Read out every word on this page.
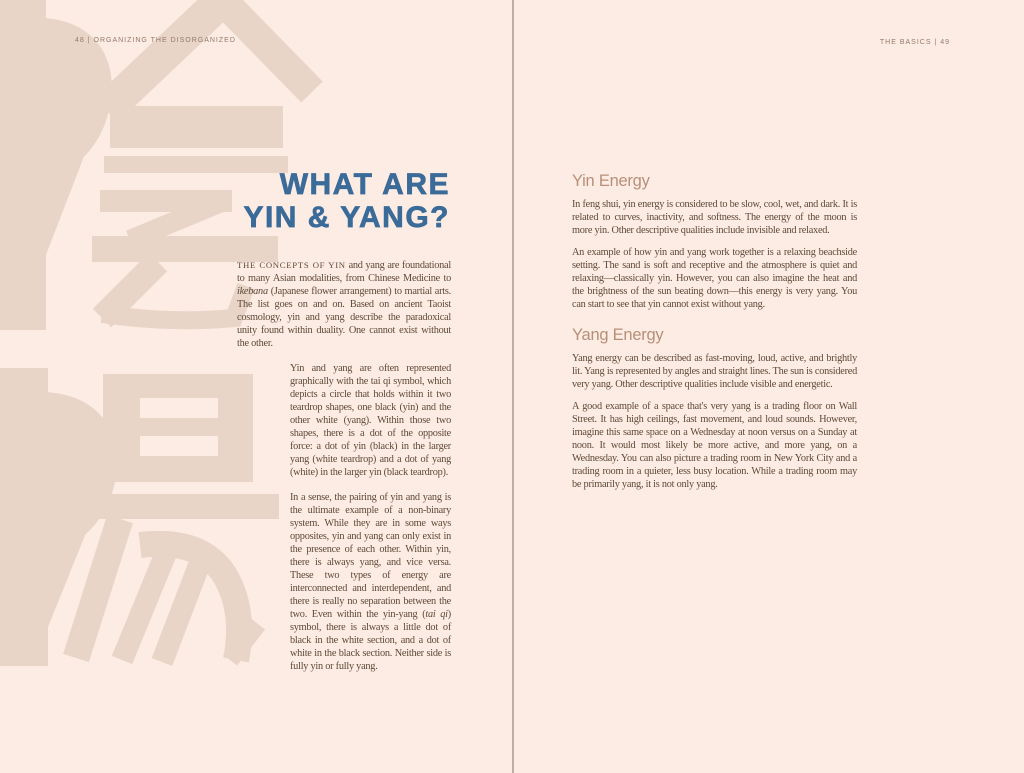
48 | ORGANIZING THE DISORGANIZED
WHAT ARE
YIN & YANG?

THE CONCEPTS OF YIN and yang are foundational to many Asian modalities, from Chinese Medicine to ikebana (Japanese flower arrangement) to martial arts. The list goes on and on. Based on ancient Taoist cosmology, yin and yang describe the paradoxical unity found within duality. One cannot exist without the other.

Yin and yang are often represented graphically with the tai qi symbol, which depicts a circle that holds within it two teardrop shapes, one black (yin) and the other white (yang). Within those two shapes, there is a dot of the opposite force: a dot of yin (black) in the larger yang (white teardrop) and a dot of yang (white) in the larger yin (black teardrop).

In a sense, the pairing of yin and yang is the ultimate example of a non-binary system. While they are in some ways opposites, yin and yang can only exist in the presence of each other. Within yin, there is always yang, and vice versa. These two types of energy are interconnected and interdependent, and there is really no separation between the two. Even within the yin-yang (tai qi) symbol, there is always a little dot of black in the white section, and a dot of white in the black section. Neither side is fully yin or fully yang.

THE BASICS | 49
Yin Energy

In feng shui, yin energy is considered to be slow, cool, wet, and dark. It is related to curves, inactivity, and softness. The energy of the moon is more yin. Other descriptive qualities include invisible and relaxed.

An example of how yin and yang work together is a relaxing beachside setting. The sand is soft and receptive and the atmosphere is quiet and relaxing—classically yin. However, you can also imagine the heat and the brightness of the sun beating down—this energy is very yang. You can start to see that yin cannot exist without yang.

Yang Energy

Yang energy can be described as fast-moving, loud, active, and brightly lit. Yang is represented by angles and straight lines. The sun is considered very yang. Other descriptive qualities include visible and energetic.

A good example of a space that's very yang is a trading floor on Wall Street. It has high ceilings, fast movement, and loud sounds. However, imagine this same space on a Wednesday at noon versus on a Sunday at noon. It would most likely be more active, and more yang, on a Wednesday. You can also picture a trading room in New York City and a trading room in a quieter, less busy location. While a trading room may be primarily yang, it is not only yang.
